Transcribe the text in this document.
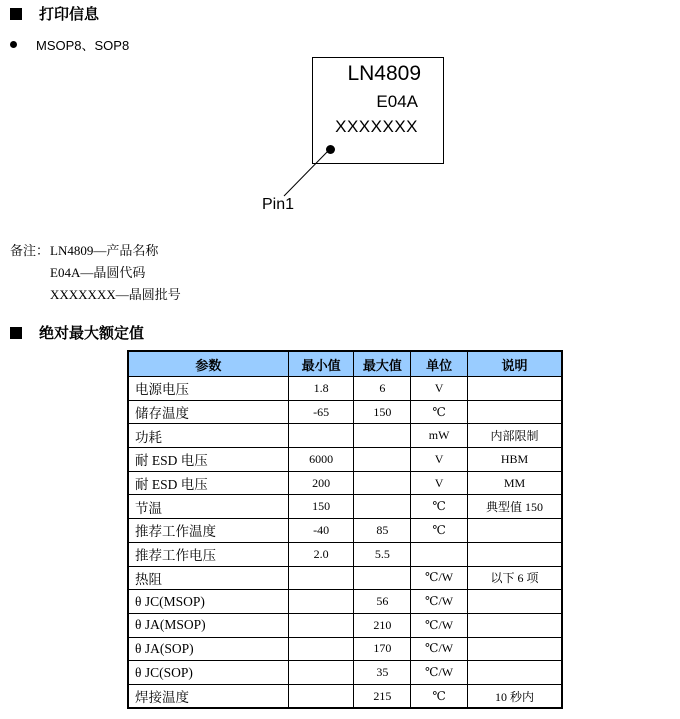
打印信息
MSOP8、SOP8
LN4809
E04A
XXXXXXX
Pin1
备注： LN4809—产品名称
E04A—晶圆代码
XXXXXXX—晶圆批号
绝对最大额定值
参数	最小值	最大值	单位	说明
电源电压	1.8	6	V	
储存温度	-65	150	℃	
功耗			mW	内部限制
耐 ESD 电压	6000		V	HBM
耐 ESD 电压	200		V	MM
节温	150		℃	典型值 150
推荐工作温度	-40	85	℃	
推荐工作电压	2.0	5.5		
热阻			℃/W	以下 6 项
θ JC(MSOP)		56	℃/W	
θ JA(MSOP)		210	℃/W	
θ JA(SOP)		170	℃/W	
θ JC(SOP)		35	℃/W	
焊接温度		215	℃	10 秒内
